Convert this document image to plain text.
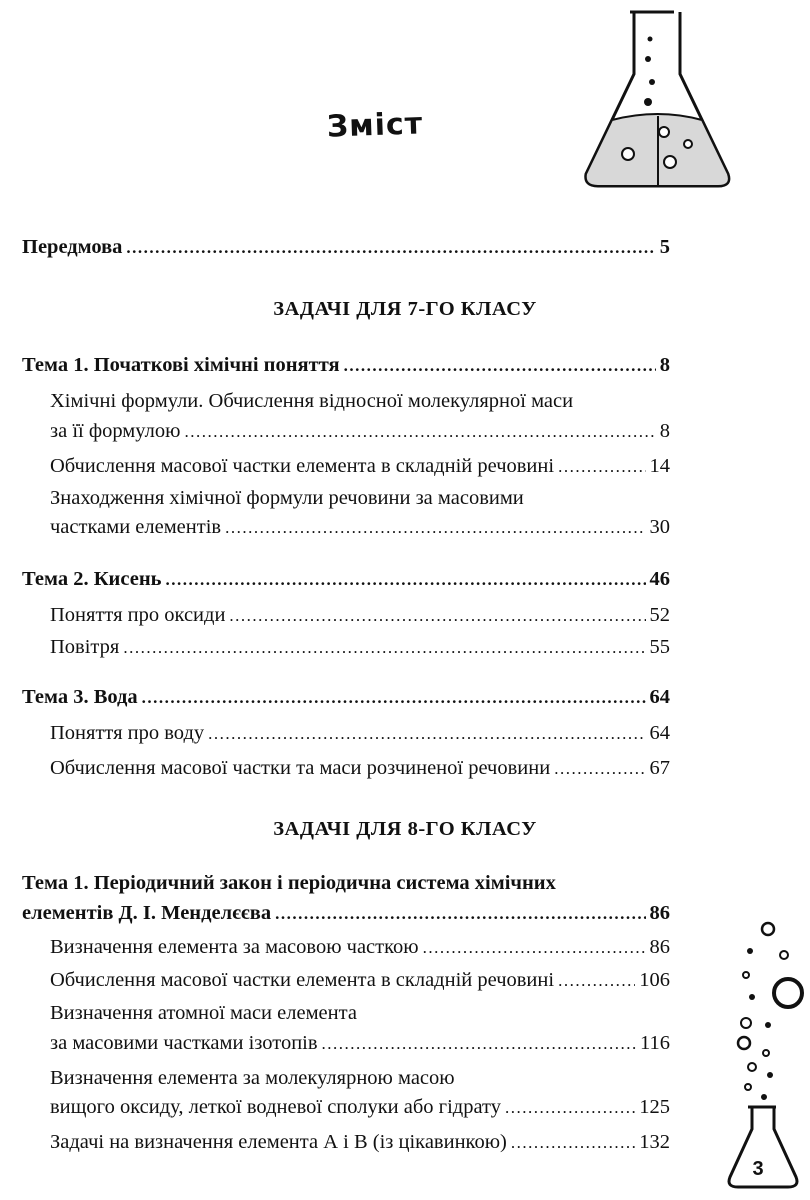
Зміст
Передмова .....	5
ЗАДАЧІ ДЛЯ 7-ГО КЛАСУ
Тема 1. Початкові хімічні поняття .....	8
Хімічні формули. Обчислення відносної молекулярної маси
за її формулою .....	8
Обчислення масової частки елемента в складній речовині .....	14
Знаходження хімічної формули речовини за масовими
частками елементів .....	30
Тема 2. Кисень .....	46
Поняття про оксиди .....	52
Повітря .....	55
Тема 3. Вода .....	64
Поняття про воду .....	64
Обчислення масової частки та маси розчиненої речовини .....	67
ЗАДАЧІ ДЛЯ 8-ГО КЛАСУ
Тема 1. Періодичний закон і періодична система хімічних
елементів Д. І. Менделєєва .....	86
Визначення елемента за масовою часткою .....	86
Обчислення масової частки елемента в складній речовині .....	106
Визначення атомної маси елемента
за масовими частками ізотопів .....	116
Визначення елемента за молекулярною масою
вищого оксиду, леткої водневої сполуки або гідрату .....	125
Задачі на визначення елемента А і В (із цікавинкою) .....	132
3
